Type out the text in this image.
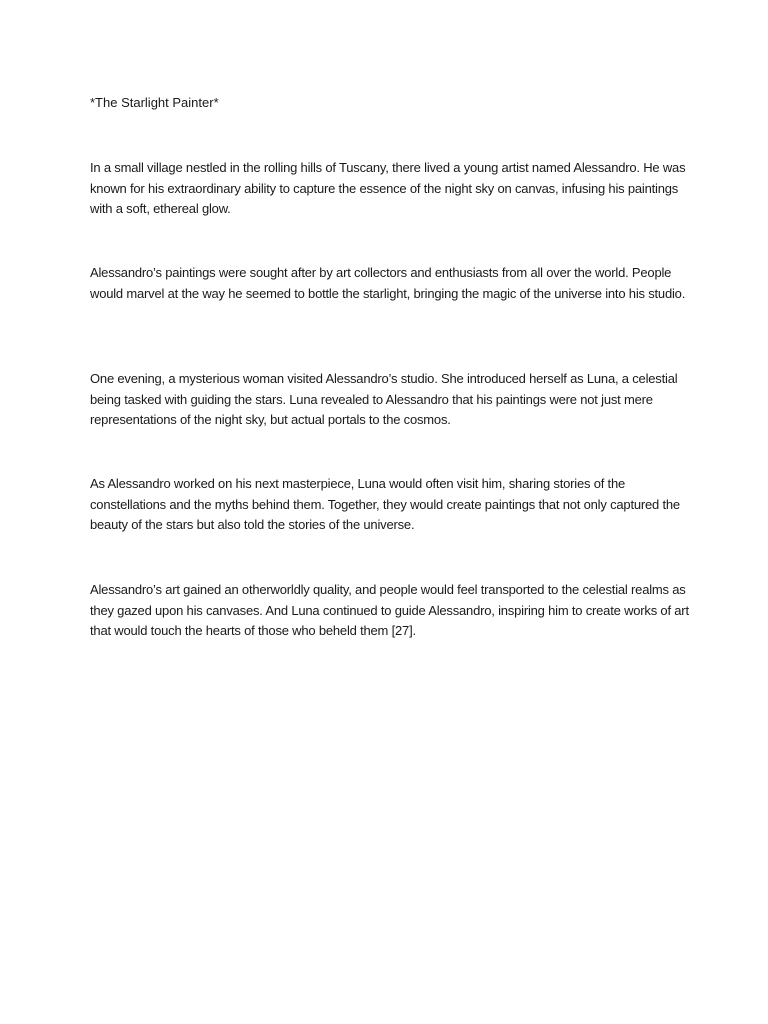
*The Starlight Painter*

In a small village nestled in the rolling hills of Tuscany, there lived a young artist named Alessandro. He was known for his extraordinary ability to capture the essence of the night sky on canvas, infusing his paintings with a soft, ethereal glow.

Alessandro’s paintings were sought after by art collectors and enthusiasts from all over the world. People would marvel at the way he seemed to bottle the starlight, bringing the magic of the universe into his studio.

One evening, a mysterious woman visited Alessandro’s studio. She introduced herself as Luna, a celestial being tasked with guiding the stars. Luna revealed to Alessandro that his paintings were not just mere representations of the night sky, but actual portals to the cosmos.

As Alessandro worked on his next masterpiece, Luna would often visit him, sharing stories of the constellations and the myths behind them. Together, they would create paintings that not only captured the beauty of the stars but also told the stories of the universe.

Alessandro’s art gained an otherworldly quality, and people would feel transported to the celestial realms as they gazed upon his canvases. And Luna continued to guide Alessandro, inspiring him to create works of art that would touch the hearts of those who beheld them [27].
